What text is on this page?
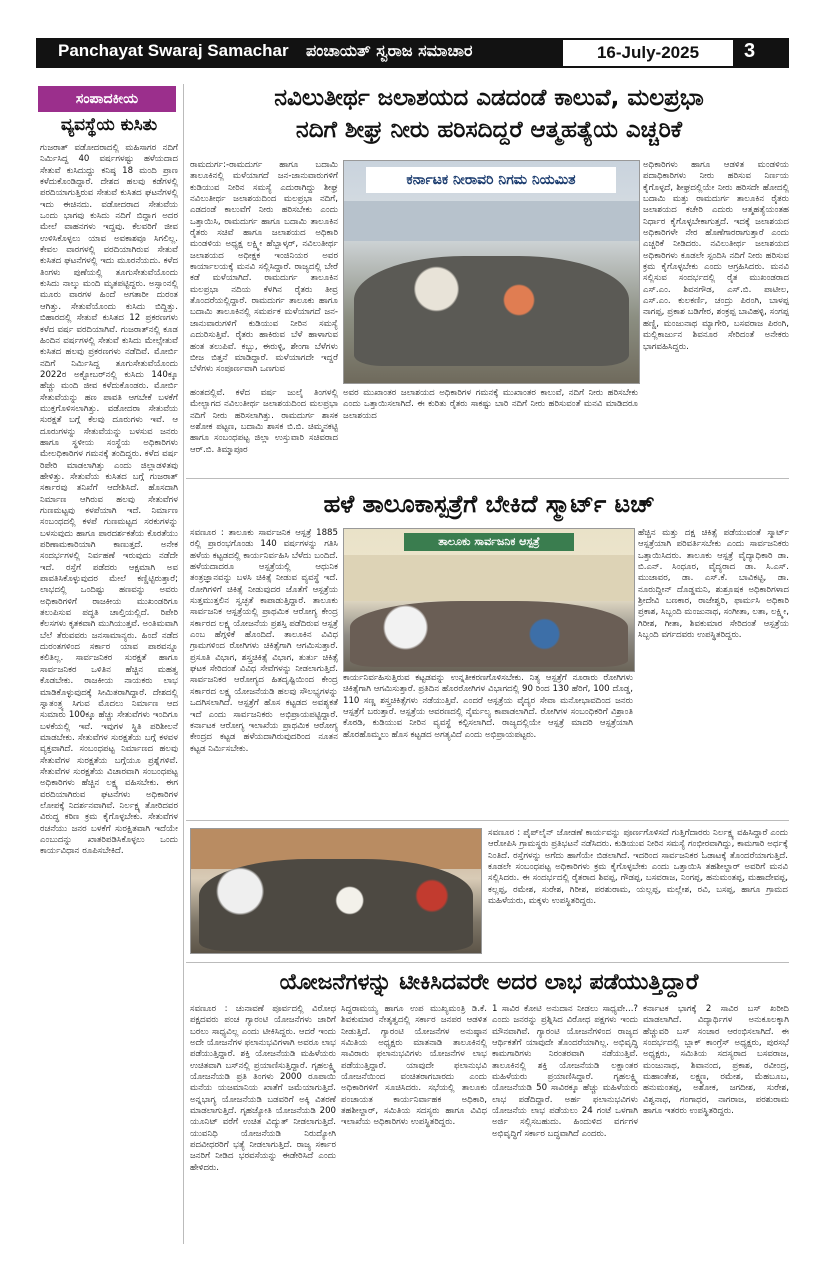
Panchayat Swaraj Samachar ಪಂಚಾಯತ್ ಸ್ವರಾಜ ಸಮಾಚಾರ	16-July-2025	3
ಸಂಪಾದಕೀಯ
ವ್ಯವಸ್ಥೆಯ ಕುಸಿತು
ಗುಜರಾತ್ ವಡೋದರಾದಲ್ಲಿ ಮಹಿಸಾಗರ ನದಿಗೆ ನಿರ್ಮಿಸಿದ್ದ 40 ವರ್ಷಗಳಷ್ಟು ಹಳೆಯದಾದ ಸೇತುವೆ ಕುಸಿದುದ್ದು ಕನಿಷ್ಠ 18 ಮಂದಿ ಪ್ರಾಣ ಕಳೆದುಕೊಂಡಿದ್ದಾರೆ. ದೇಶದ ಹಲವು ಕಡೆಗಳಲ್ಲಿ ಪರದಿಯಾಗುತ್ತಿರುವ ಸೇತುವೆ ಕುಸಿತದ ಘಟನೆಗಳಲ್ಲಿ ಇದು ಈಚಿನದು. ವಡೋದರಾದ ಸೇತುವೆಯ ಒಂದು ಭಾಗವು ಕುಸಿದು ನದಿಗೆ ಬಿದ್ದಾಗ ಅದರ ಮೇಲೆ ವಾಹನಗಳು ಇದ್ದವು. ಕೆಲವರಿಗೆ ಜೀವ ಉಳಿಸಿಕೊಳ್ಳಲು ಯಾವ ಅವಕಾಶವೂ ಸಿಗಲಿಲ್ಲ. ಕೇವಲ ವಾರಗಳಲ್ಲಿ ವರದಿಯಾಗಿರುವ ಸೇತುವೆ ಕುಸಿತದ ಘಟನೆಗಳಲ್ಲಿ ಇದು ಮೂರನೆಯದು. ಕಳೆದ ತಿಂಗಳು ಪುಣೆಯಲ್ಲಿ ತೂಗುಸೇತುವೆಯೊಂದು ಕುಸಿದು ನಾಲ್ಕು ಮಂದಿ ಮೃತಪಟ್ಟಿದ್ದರು. ಅಸ್ಸಾಂನಲ್ಲಿ ಮೂರು ವಾರಗಳ ಹಿಂದೆ ಅಗತಾರೀ ದುರಂತ ಆಗಿತ್ತು. ಸೇತುವೆಯೊಂದು ಕುಸಿದು ಬಿದ್ದಿತ್ತು. ಬಿಹಾರದಲ್ಲಿ ಸೇತುವೆ ಕುಸಿತದ 12 ಪ್ರಕರಣಗಳು ಕಳೆದ ವರ್ಷ ವರದಿಯಾಗಿವೆ. ಗುಜರಾತ್‌ನಲ್ಲಿ ಕೂಡ ಹಿಂದಿನ ವರ್ಷಗಳಲ್ಲಿ ಸೇತುವೆ ಕುಸಿದು ಮೇಲ್ಸೇತುವೆ ಕುಸಿತದ ಹಲವು ಪ್ರಕರಣಗಳು ನಡೆದಿವೆ. ಮೋರ್ಬಿ ನದಿಗೆ ನಿರ್ಮಿಸಿದ್ದ ತೂಗುಸೇತುವೆಯೊಂದು 2022ರ ಅಕ್ಟೋಬರ್‌ನಲ್ಲಿ ಕುಸಿದು 140ಕ್ಕೂ ಹೆಚ್ಚು ಮಂದಿ ಜೀವ ಕಳೆದುಕೊಂಡರು. ಮೋರ್ಬಿ ಸೇತುವೆಯನ್ನು ಹಣ ಪಾವತಿ ಆಗಬೇಕೆ ಬಳಕೆಗೆ ಮುಕ್ತಗೊಳಿಸಲಾಗಿತ್ತು. ವಡೋದರಾ ಸೇತುವೆಯ ಸುರಕ್ಷತೆ ಬಗ್ಗೆ ಕೆಲವು ದೂರುಗಳು ಇವೆ. ಆ ದೂರುಗಳನ್ನು ಸೇತುವೆಯನ್ನು ಬಳಸುವ ಜನರು ಹಾಗೂ ಸ್ಥಳೀಯ ಸಂಸ್ಥೆಯ ಅಧಿಕಾರಿಗಳು ಮೇಲಧಿಕಾರಿಗಳ ಗಮನಕ್ಕೆ ತಂದಿದ್ದರು. ಕಳೆದ ವರ್ಷ ರಿಪೇರಿ ಮಾಡಲಾಗಿತ್ತು ಎಂದು ಜಿಲ್ಲಾಡಳಿತವು ಹೇಳಿತ್ತು. ಸೇತುವೆಯ ಕುಸಿತದ ಬಗ್ಗೆ ಗುಜರಾತ್ ಸರ್ಕಾರವು ತನಿಖೆಗೆ ಆದೇಶಿಸಿದೆ. ಹೊಸದಾಗಿ ನಿರ್ಮಾಣ ಆಗಿರುವ ಹಲವು ಸೇತುವೆಗಳ ಗುಣಮಟ್ಟವು ಕಳಪೆಯಾಗಿ ಇದೆ. ನಿರ್ಮಾಣ ಸಂಬಂಧದಲ್ಲಿ ಕಳಪೆ ಗುಣಮಟ್ಟದ ಸರಕುಗಳನ್ನು ಬಳಸುವುದು ಹಾಗೂ ಪಾರದರ್ಶಕತೆಯ ಕೊರತೆಯು ಪರಿಣಾಮಕಾರಿಯಾಗಿ ಕಾಣುತ್ತದೆ. ಅನೇಕ ಸಂದರ್ಭಗಳಲ್ಲಿ ನಿರ್ವಹಣೆ ಇರುವುದು ನಡೆದೇ ಇದೆ. ರಸ್ತೆಗೆ ಪಡೆದರು ಆಕ್ಷಮಾಗಿ ಅವ ಪಾವತಿಸಿಕೊಳ್ಳುವುದರ ಮೇಲೆ ಕಣ್ಣಿಟ್ಟಿರುತ್ತಾರೆ; ಲಾಭದಲ್ಲಿ ಒಂದಿಷ್ಟು ಹಣವನ್ನು ಅವರು ಅಧಿಕಾರಿಗಳಿಗೆ ರಾಜಕೀಯ ಮುಖಂಡರಿಗೂ ತಲುಪಿಸುವ ಪದ್ಧತಿ ಚಾಲ್ತಿಯಲ್ಲಿದೆ. ರಿಪೇರಿ ಕೆಲಸಗಳು ಕೃತಕವಾಗಿ ಮುಗಿಯುತ್ತವೆ. ಅಂತಿಮವಾಗಿ ಬೆಲೆ ತೆರುವವರು ಜನಸಾಮಾನ್ಯರು. ಹಿಂದೆ ನಡೆದ ದುರಂತಗಳಿಂದ ಸರ್ಕಾರ ಯಾವ ಪಾಠವನ್ನೂ ಕಲಿತಿಲ್ಲ. ಸಾರ್ವಜನಿಕರ ಸುರಕ್ಷತೆ ಹಾಗೂ ಸಾರ್ವಜನಿಕರ ಒಳಿತಿನ ಹೆಚ್ಚಿನ ಮಹತ್ವ ಕೊಡಬೇಕು. ರಾಜಕೀಯ ನಾಯಕರು ಲಾಭ ಮಾಡಿಕೊಳ್ಳುವುದಕ್ಕೆ ಸೀಮಿತರಾಗಿದ್ದಾರೆ. ದೇಶದಲ್ಲಿ ಸ್ವಾತಂತ್ರ್ಯ ಸಿಗುವ ಮೊದಲು ನಿರ್ಮಾಣ ಆದ ಸುಮಾರು 100ಕ್ಕೂ ಹೆಚ್ಚು ಸೇತುವೆಗಳು ಇಂದಿಗೂ ಬಳಕೆಯಲ್ಲಿ ಇವೆ. ಇವುಗಳ ಸ್ಥಿತಿ ಪರಿಶೀಲನೆ ಮಾಡಬೇಕು. ಸೇತುವೆಗಳ ಸುರಕ್ಷತೆಯ ಬಗ್ಗೆ ಕಳವಳ ವ್ಯಕ್ತವಾಗಿದೆ. ಸಂಬಂಧಪಟ್ಟ ನಿರ್ಮಾಣದ ಹಲವು ಸೇತುವೆಗಳ ಸುರಕ್ಷತೆಯ ಬಗ್ಗೆಯೂ ಪ್ರಶ್ನೆಗಳಿವೆ. ಸೇತುವೆಗಳ ಸುರಕ್ಷತೆಯ ವಿಚಾರವಾಗಿ ಸಂಬಂಧಪಟ್ಟ ಅಧಿಕಾರಿಗಳು ಹೆಚ್ಚಿನ ಲಕ್ಷ್ಯ ವಹಿಸಬೇಕು. ಈಗ ವರದಿಯಾಗಿರುವ ಘಟನೆಗಳು ಅಧಿಕಾರಿಗಳ ಲೋಪಕ್ಕೆ ನಿದರ್ಶನವಾಗಿವೆ. ನಿರ್ಲಕ್ಷ್ಯ ತೋರಿದವರ ವಿರುದ್ಧ ಕಠಿಣ ಕ್ರಮ ಕೈಗೊಳ್ಳಬೇಕು. ಸೇತುವೆಗಳ ರಚನೆಯು ಜನರ ಬಳಕೆಗೆ ಸುರಕ್ಷಿತವಾಗಿ ಇದೆಯೇ ಎಂಬುದನ್ನು ಖಾತರಿಪಡಿಸಿಕೊಳ್ಳಲು ಒಂದು ಕಾರ್ಯವಿಧಾನ ರೂಪಿಸಬೇಕಿದೆ.
ನವಿಲುತೀರ್ಥ ಜಲಾಶಯದ ಎಡದಂಡೆ ಕಾಲುವೆ, ಮಲಪ್ರಭಾ
ನದಿಗೆ ಶೀಘ್ರ ನೀರು ಹರಿಸದಿದ್ದರೆ ಆತ್ಮಹತ್ಯೆಯ ಎಚ್ಚರಿಕೆ
ರಾಮದುರ್ಗ:-ರಾಮದುರ್ಗ ಹಾಗೂ ಬದಾಮಿ ತಾಲೂಕಿನಲ್ಲಿ ಮಳೆಯಾಗದೆ ಜನ-ಜಾನುವಾರುಗಳಿಗೆ ಕುಡಿಯುವ ನೀರಿನ ಸಮಸ್ಯೆ ಎದುರಾಗಿದ್ದು ಶೀಘ್ರ ನವಿಲುತೀರ್ಥ ಜಲಾಶಯದಿಂದ ಮಲಪ್ರಭಾ ನದಿಗೆ, ಎಡದಂಡೆ ಕಾಲುವೆಗೆ ನೀರು ಹರಿಸಬೇಕು ಎಂದು ಒತ್ತಾಯಿಸಿ, ರಾಮದುರ್ಗ ಹಾಗೂ ಬದಾಮಿ ತಾಲೂಕಿನ ರೈತರು ಸಚಿವೆ ಹಾಗೂ ಜಲಾಶಯದ ಅಧಿಕಾರಿ ಮಂಡಳಿಯ ಅಧ್ಯಕ್ಷ ಲಕ್ಷ್ಮೀ ಹೆಬ್ಬಾಳ್ಕರ್, ನವಿಲುತೀರ್ಥ ಜಲಾಶಯದ ಅಧೀಕ್ಷಕ ಇಂಜಿನಿಯರ ಅವರ ಕಾರ್ಯಾಲಯಕ್ಕೆ ಮನವಿ ಸಲ್ಲಿಸಿದ್ದಾರೆ. ರಾಜ್ಯದಲ್ಲಿ ಬೇರೆ ಕಡೆ ಮಳೆಯಾಗಿದೆ. ರಾಮದುರ್ಗ ತಾಲೂಕಿನ ಮಲಪ್ರಭಾ ನದಿಯ ಕೆಳಗಿನ ರೈತರು ತೀವ್ರ ತೊಂದರೆಯಲ್ಲಿದ್ದಾರೆ. ರಾಮದುರ್ಗ ತಾಲೂಕು ಹಾಗೂ ಬದಾಮಿ ತಾಲೂಕಿನಲ್ಲಿ ಸಮರ್ಪಕ ಮಳೆಯಾಗದೆ ಜನ-ಜಾನುವಾರುಗಳಿಗೆ ಕುಡಿಯುವ ನೀರಿನ ಸಮಸ್ಯೆ ಎದುರಿಸುತ್ತಿವೆ. ರೈತರು ಹಾಕಿರುವ ಬೆಳೆ ಹಾಳಾಗುವ ಹಂತ ತಲುಪಿವೆ. ಕಬ್ಬು, ಈರುಳ್ಳಿ, ಶೇಂಗಾ ಬೆಳೆಗಳು ಬೀಜ ಬಿತ್ತನೆ ಮಾಡಿದ್ದಾರೆ. ಮಳೆಯಾಗದೇ ಇದ್ದರೆ ಬೆಳೆಗಳು ಸಂಪೂರ್ಣವಾಗಿ ಒಣಗುವ
ಕರ್ನಾಟಕ ನೀರಾವರಿ ನಿಗಮ ನಿಯಮಿತ
ಹಂತದಲ್ಲಿವೆ. ಕಳೆದ ವರ್ಷ ಜುಲೈ ತಿಂಗಳಲ್ಲಿ ಮೇಲ್ಭಾಗದ ನವಿಲುತೀರ್ಥ ಜಲಾಶಯದಿಂದ ಮಲಪ್ರಭಾ ನದಿಗೆ ನೀರು ಹರಿಸಲಾಗಿತ್ತು. ರಾಮದುರ್ಗ ಶಾಸಕ ಅಶೋಕ ಪಟ್ಟಣ, ಬದಾಮಿ ಶಾಸಕ ಬಿ.ಬಿ. ಚಿಮ್ಮನಕಟ್ಟಿ ಹಾಗೂ ಸಂಬಂಧಪಟ್ಟ ಜಿಲ್ಲಾ ಉಸ್ತುವಾರಿ ಸಚಿವರಾದ ಆರ್.ಬಿ. ತಿಮ್ಮಾಪೂರ
ಅವರ ಮುಖಾಂತರ ಜಲಾಶಯದ ಅಧಿಕಾರಿಗಳ ಗಮನಕ್ಕೆ ಮುಖಾಂತರ ಕಾಲುವೆ, ನದಿಗೆ ನೀರು ಹರಿಸಬೇಕು ಎಂದು ಒತ್ತಾಯಿಸಲಾಗಿದೆ. ಈ ಕುರಿತು ರೈತರು ಸಾಕಷ್ಟು ಬಾರಿ ನದಿಗೆ ನೀರು ಹರಿಸುವಂತೆ ಮನವಿ ಮಾಡಿದರೂ ಜಲಾಶಯದ
ಅಧಿಕಾರಿಗಳು ಹಾಗೂ ಆಡಳಿತ ಮಂಡಳಿಯ ಪದಾಧಿಕಾರಿಗಳು ನೀರು ಹರಿಸುವ ನಿರ್ಣಯ ಕೈಗೊಳ್ಳದೆ, ಶೀಘ್ರದಲ್ಲಿಯೇ ನೀರು ಹರಿಸದೇ ಹೋದಲ್ಲಿ ಬದಾಮಿ ಮತ್ತು ರಾಮದುರ್ಗ ತಾಲೂಕಿನ ರೈತರು ಜಲಾಶಯದ ಕಚೇರಿ ಎದುರು ಆತ್ಮಹತ್ಯೆಯಂತಹ ನಿರ್ಧಾರ ಕೈಗೊಳ್ಳಬೇಕಾಗುತ್ತದೆ. ಇದಕ್ಕೆ ಜಲಾಶಯದ ಅಧಿಕಾರಿಗಳೇ ನೇರ ಹೊಣೆಗಾರರಾಗುತ್ತಾರೆ ಎಂದು ಎಚ್ಚರಿಕೆ ನೀಡಿದರು. ನವಿಲುತೀರ್ಥ ಜಲಾಶಯದ ಅಧಿಕಾರಿಗಳು ಕೂಡಲೇ ಸ್ಪಂದಿಸಿ ನದಿಗೆ ನೀರು ಹರಿಸುವ ಕ್ರಮ ಕೈಗೊಳ್ಳಬೇಕು ಎಂದು ಆಗ್ರಹಿಸಿದರು. ಮನವಿ ಸಲ್ಲಿಸುವ ಸಂದರ್ಭದಲ್ಲಿ ರೈತ ಮುಖಂಡರಾದ ಎಸ್.ಎಂ. ಶಿವನಗೌಡ, ಎಸ್.ಬಿ. ಪಾಟೀಲ, ಎಸ್.ಎಂ. ಕುಲಕರ್ಣಿ, ಚಂದ್ರು ಪಿರಂಗಿ, ಬಾಳಪ್ಪ ನಾಗಪ್ಪ, ಪ್ರಕಾಶ ಬಡಿಗೇರ, ಶಂಕ್ರಪ್ಪ ಬಾವಿಹಳ್ಳಿ, ಸಂಗಪ್ಪ ಹಣ್ಣಿ, ಮಂಜುನಾಥ ಮ್ಯಾಗೇರಿ, ಬಸವರಾಜ ಪಿರಂಗಿ, ಮಲ್ಲಿಕಾರ್ಜುನ ಶಿವನೂರ ಸೇರಿದಂತೆ ಅನೇಕರು ಭಾಗವಹಿಸಿದ್ದರು.
ಹಳೆ ತಾಲೂಕಾಸ್ಪತ್ರೆಗೆ ಬೇಕಿದೆ ಸ್ಮಾರ್ಟ್ ಟಚ್
ಸವಣೂರ : ತಾಲೂಕು ಸಾರ್ವಜನಿಕ ಆಸ್ಪತ್ರೆ 1885 ರಲ್ಲಿ ಪ್ರಾರಂಭಗೊಂಡು 140 ವರ್ಷಗಳನ್ನು ಗತಿಸಿ ಹಳೆಯ ಕಟ್ಟಡದಲ್ಲಿ ಕಾರ್ಯನಿರ್ವಹಿಸಿ ಬೆಳೆದು ಬಂದಿದೆ. ಹಳೆಯದಾದರೂ ಆಸ್ಪತ್ರೆಯಲ್ಲಿ ಆಧುನಿಕ ತಂತ್ರಜ್ಞಾನವನ್ನು ಬಳಸಿ ಚಿಕಿತ್ಸೆ ನೀಡುವ ವ್ಯವಸ್ಥೆ ಇದೆ. ರೋಗಿಗಳಿಗೆ ಚಿಕಿತ್ಸೆ ನೀಡುವುದರ ಜೊತೆಗೆ ಆಸ್ಪತ್ರೆಯ ಸುತ್ತಮುತ್ತಲಿನ ಸ್ವಚ್ಛತೆ ಕಾಪಾಡುತ್ತಿದ್ದಾರೆ. ತಾಲೂಕು ಸಾರ್ವಜನಿಕ ಆಸ್ಪತ್ರೆಯಲ್ಲಿ ಪ್ರಾಥಮಿಕ ಆರೋಗ್ಯ ಕೇಂದ್ರ ಸರ್ಕಾರದ ಲಕ್ಷ್ಯ ಯೋಜನೆಯ ಪ್ರಶಸ್ತಿ ಪಡೆದಿರುವ ಆಸ್ಪತ್ರೆ ಎಂಬ ಹೆಗ್ಗಳಿಕೆ ಹೊಂದಿದೆ. ತಾಲೂಕಿನ ವಿವಿಧ ಗ್ರಾಮಗಳಿಂದ ರೋಗಿಗಳು ಚಿಕಿತ್ಸೆಗಾಗಿ ಆಗಮಿಸುತ್ತಾರೆ. ಪ್ರಸೂತಿ ವಿಭಾಗ, ಶಸ್ತ್ರಚಿಕಿತ್ಸೆ ವಿಭಾಗ, ತುರ್ತು ಚಿಕಿತ್ಸೆ ಘಟಕ ಸೇರಿದಂತೆ ವಿವಿಧ ಸೇವೆಗಳನ್ನು ನೀಡಲಾಗುತ್ತಿದೆ. ಸಾರ್ವಜನಿಕರ ಆರೋಗ್ಯದ ಹಿತದೃಷ್ಟಿಯಿಂದ ಕೇಂದ್ರ ಸರ್ಕಾರದ ಲಕ್ಷ್ಯ ಯೋಜನೆಯಡಿ ಹಲವು ಸೌಲಭ್ಯಗಳನ್ನು ಒದಗಿಸಲಾಗಿದೆ. ಆಸ್ಪತ್ರೆಗೆ ಹೊಸ ಕಟ್ಟಡದ ಅವಶ್ಯಕತೆ ಇದೆ ಎಂದು ಸಾರ್ವಜನಿಕರು ಅಭಿಪ್ರಾಯಪಟ್ಟಿದ್ದಾರೆ. ಕರ್ನಾಟಕ ಆರೋಗ್ಯ ಇಲಾಖೆಯ ಪ್ರಾಥಮಿಕ ಆರೋಗ್ಯ ಕೇಂದ್ರದ ಕಟ್ಟಡ ಹಳೆಯದಾಗಿರುವುದರಿಂದ ನೂತನ ಕಟ್ಟಡ ನಿರ್ಮಿಸಬೇಕು.
ತಾಲೂಕು ಸಾರ್ವಜನಿಕ ಆಸ್ಪತ್ರೆ
ಕಾರ್ಯನಿರ್ವಹಿಸುತ್ತಿರುವ ಕಟ್ಟಡವನ್ನು ಉನ್ನತೀಕರಣಗೊಳಿಸಬೇಕು. ನಿತ್ಯ ಆಸ್ಪತ್ರೆಗೆ ನೂರಾರು ರೋಗಿಗಳು ಚಿಕಿತ್ಸೆಗಾಗಿ ಆಗಮಿಸುತ್ತಾರೆ. ಪ್ರತಿದಿನ ಹೊರರೋಗಿಗಳ ವಿಭಾಗದಲ್ಲಿ 90 ರಿಂದ 130 ಹೆರಿಗೆ, 100 ದೊಡ್ಡ, 110 ಸಣ್ಣ ಶಸ್ತ್ರಚಿಕಿತ್ಸೆಗಳು ನಡೆಯುತ್ತಿವೆ. ಎಂದರೆ ಆಸ್ಪತ್ರೆಯ ವೈದ್ಯರ ಸೇವಾ ಮನೋಭಾವದಿಂದ ಜನರು ಆಸ್ಪತ್ರೆಗೆ ಬರುತ್ತಾರೆ. ಆಸ್ಪತ್ರೆಯ ಆವರಣದಲ್ಲಿ ನೈರ್ಮಲ್ಯ ಕಾಪಾಡಲಾಗಿದೆ. ರೋಗಿಗಳ ಸಂಬಂಧಿಕರಿಗೆ ವಿಶ್ರಾಂತಿ ಕೊಠಡಿ, ಕುಡಿಯುವ ನೀರಿನ ವ್ಯವಸ್ಥೆ ಕಲ್ಪಿಸಲಾಗಿದೆ. ರಾಜ್ಯದಲ್ಲಿಯೇ ಆಸ್ಪತ್ರೆ ಮಾದರಿ ಆಸ್ಪತ್ರೆಯಾಗಿ ಹೊರಹೊಮ್ಮಲು ಹೊಸ ಕಟ್ಟಡದ ಅಗತ್ಯವಿದೆ ಎಂದು ಅಭಿಪ್ರಾಯಪಟ್ಟರು.
ಹೆಚ್ಚಿನ ಮತ್ತು ದಕ್ಷ ಚಿಕಿತ್ಸೆ ಪಡೆಯುವಂತೆ ಸ್ಮಾರ್ಟ್ ಆಸ್ಪತ್ರೆಯಾಗಿ ಪರಿವರ್ತಿಸಬೇಕು ಎಂದು ಸಾರ್ವಜನಿಕರು ಒತ್ತಾಯಿಸಿದರು. ತಾಲೂಕು ಆಸ್ಪತ್ರೆ ವೈದ್ಯಾಧಿಕಾರಿ ಡಾ. ಬಿ.ಎನ್. ಸಿಂಧೂರ, ವೈದ್ಯರಾದ ಡಾ. ಸಿ.ಎಸ್. ಮುಜಾವರ, ಡಾ. ಎಸ್.ಕೆ. ಬಾವಿಕಟ್ಟಿ, ಡಾ. ನೂರುದ್ದೀನ್ ದೊಡ್ಡಮನಿ, ಶುಶ್ರೂಷಕ ಅಧಿಕಾರಿಗಳಾದ ಶ್ರೀದೇವಿ ಬಣಕಾರ, ರಾಜೇಶ್ವರಿ, ಫಾರ್ಮಸಿ ಅಧಿಕಾರಿ ಪ್ರಕಾಶ, ಸಿಬ್ಬಂದಿ ಮಂಜುನಾಥ, ಸಂಗೀತಾ, ಲತಾ, ಲಕ್ಷ್ಮೀ, ಗಿರೀಶ, ಗೀತಾ, ಶಿವಕುಮಾರ ಸೇರಿದಂತೆ ಆಸ್ಪತ್ರೆಯ ಸಿಬ್ಬಂದಿ ವರ್ಗದವರು ಉಪಸ್ಥಿತರಿದ್ದರು.
ಸವಣೂರ : ಪೈಪ್‌ಲೈನ್ ಜೋಡಣೆ ಕಾರ್ಯವನ್ನು ಪೂರ್ಣಗೊಳಿಸದೆ ಗುತ್ತಿಗೆದಾರರು ನಿರ್ಲಕ್ಷ್ಯ ವಹಿಸಿದ್ದಾರೆ ಎಂದು ಆರೋಪಿಸಿ ಗ್ರಾಮಸ್ಥರು ಪ್ರತಿಭಟನೆ ನಡೆಸಿದರು. ಕುಡಿಯುವ ನೀರಿನ ಸಮಸ್ಯೆ ಗಂಭೀರವಾಗಿದ್ದು, ಕಾಮಗಾರಿ ಅರ್ಧಕ್ಕೆ ನಿಂತಿದೆ. ರಸ್ತೆಗಳನ್ನು ಅಗೆದು ಹಾಗೆಯೇ ಬಿಡಲಾಗಿದೆ. ಇದರಿಂದ ಸಾರ್ವಜನಿಕರ ಓಡಾಟಕ್ಕೆ ತೊಂದರೆಯಾಗುತ್ತಿದೆ. ಕೂಡಲೇ ಸಂಬಂಧಪಟ್ಟ ಅಧಿಕಾರಿಗಳು ಕ್ರಮ ಕೈಗೊಳ್ಳಬೇಕು ಎಂದು ಒತ್ತಾಯಿಸಿ ತಹಶೀಲ್ದಾರ್ ಅವರಿಗೆ ಮನವಿ ಸಲ್ಲಿಸಿದರು. ಈ ಸಂದರ್ಭದಲ್ಲಿ ರೈತರಾದ ಶಿವಪ್ಪ, ಗೌಡಪ್ಪ, ಬಸವರಾಜ, ನಿಂಗಪ್ಪ, ಹನುಮಂತಪ್ಪ, ಮಹಾದೇವಪ್ಪ, ಕಲ್ಲಪ್ಪ, ರಮೇಶ, ಸುರೇಶ, ಗಿರೀಶ, ಪರಶುರಾಮ, ಯಲ್ಲಪ್ಪ, ಮಲ್ಲೇಶ, ರವಿ, ಬಸಪ್ಪ, ಹಾಗೂ ಗ್ರಾಮದ ಮಹಿಳೆಯರು, ಮಕ್ಕಳು ಉಪಸ್ಥಿತರಿದ್ದರು.
ಯೋಜನೆಗಳನ್ನು ಟೀಕಿಸಿದವರೇ ಅದರ ಲಾಭ ಪಡೆಯುತ್ತಿದ್ದಾರೆ
ಸವಣೂರ : ಚುನಾವಣೆ ಪೂರ್ವದಲ್ಲಿ ವಿರೋಧ ಪಕ್ಷದವರು ಪಂಚ ಗ್ಯಾರಂಟಿ ಯೋಜನೆಗಳು ಜಾರಿಗೆ ಬರಲು ಸಾಧ್ಯವಿಲ್ಲ ಎಂದು ಟೀಕಿಸಿದ್ದರು. ಆದರೆ ಇಂದು ಅದೇ ಯೋಜನೆಗಳ ಫಲಾನುಭವಿಗಳಾಗಿ ಅವರೂ ಲಾಭ ಪಡೆಯುತ್ತಿದ್ದಾರೆ. ಶಕ್ತಿ ಯೋಜನೆಯಡಿ ಮಹಿಳೆಯರು ಉಚಿತವಾಗಿ ಬಸ್‌ನಲ್ಲಿ ಪ್ರಯಾಣಿಸುತ್ತಿದ್ದಾರೆ. ಗೃಹಲಕ್ಷ್ಮಿ ಯೋಜನೆಯಡಿ ಪ್ರತಿ ತಿಂಗಳು 2000 ರೂಪಾಯಿ ಮನೆಯ ಯಜಮಾನಿಯ ಖಾತೆಗೆ ಜಮೆಯಾಗುತ್ತಿದೆ. ಅನ್ನಭಾಗ್ಯ ಯೋಜನೆಯಡಿ ಬಡವರಿಗೆ ಅಕ್ಕಿ ವಿತರಣೆ ಮಾಡಲಾಗುತ್ತಿದೆ. ಗೃಹಜ್ಯೋತಿ ಯೋಜನೆಯಡಿ 200 ಯೂನಿಟ್ ವರೆಗೆ ಉಚಿತ ವಿದ್ಯುತ್ ನೀಡಲಾಗುತ್ತಿದೆ. ಯುವನಿಧಿ ಯೋಜನೆಯಡಿ ನಿರುದ್ಯೋಗಿ ಪದವೀಧರರಿಗೆ ಭತ್ಯೆ ನೀಡಲಾಗುತ್ತಿದೆ. ರಾಜ್ಯ ಸರ್ಕಾರ ಜನರಿಗೆ ನೀಡಿದ ಭರವಸೆಯನ್ನು ಈಡೇರಿಸಿದೆ ಎಂದು ಹೇಳಿದರು.
ಸಿದ್ದರಾಮಯ್ಯ ಹಾಗೂ ಉಪ ಮುಖ್ಯಮಂತ್ರಿ ಡಿ.ಕೆ. ಶಿವಕುಮಾರ ನೇತೃತ್ವದಲ್ಲಿ ಸರ್ಕಾರ ಜನಪರ ಆಡಳಿತ ನೀಡುತ್ತಿದೆ. ಗ್ಯಾರಂಟಿ ಯೋಜನೆಗಳ ಅನುಷ್ಠಾನ ಸಮಿತಿಯ ಅಧ್ಯಕ್ಷರು ಮಾತನಾಡಿ ತಾಲೂಕಿನಲ್ಲಿ ಸಾವಿರಾರು ಫಲಾನುಭವಿಗಳು ಯೋಜನೆಗಳ ಲಾಭ ಪಡೆಯುತ್ತಿದ್ದಾರೆ. ಯಾವುದೇ ಫಲಾನುಭವಿ ಯೋಜನೆಯಿಂದ ವಂಚಿತರಾಗಬಾರದು ಎಂದು ಅಧಿಕಾರಿಗಳಿಗೆ ಸೂಚಿಸಿದರು. ಸಭೆಯಲ್ಲಿ ತಾಲೂಕು ಪಂಚಾಯತ ಕಾರ್ಯನಿರ್ವಾಹಕ ಅಧಿಕಾರಿ, ತಹಶೀಲ್ದಾರ್, ಸಮಿತಿಯ ಸದಸ್ಯರು ಹಾಗೂ ವಿವಿಧ ಇಲಾಖೆಯ ಅಧಿಕಾರಿಗಳು ಉಪಸ್ಥಿತರಿದ್ದರು.
1 ಸಾವಿರ ಕೋಟಿ ಅನುದಾನ ನೀಡಲು ಸಾಧ್ಯವೇ...? ಎಂದು ಜನರನ್ನು ಪ್ರಶ್ನಿಸಿದ ವಿರೋಧ ಪಕ್ಷಗಳು ಇಂದು ಮೌನವಾಗಿವೆ. ಗ್ಯಾರಂಟಿ ಯೋಜನೆಗಳಿಂದ ರಾಜ್ಯದ ಆರ್ಥಿಕತೆಗೆ ಯಾವುದೇ ತೊಂದರೆಯಾಗಿಲ್ಲ. ಅಭಿವೃದ್ಧಿ ಕಾಮಗಾರಿಗಳು ನಿರಂತರವಾಗಿ ನಡೆಯುತ್ತಿವೆ. ತಾಲೂಕಿನಲ್ಲಿ ಶಕ್ತಿ ಯೋಜನೆಯಡಿ ಲಕ್ಷಾಂತರ ಮಹಿಳೆಯರು ಪ್ರಯಾಣಿಸಿದ್ದಾರೆ. ಗೃಹಲಕ್ಷ್ಮಿ ಯೋಜನೆಯಡಿ 50 ಸಾವಿರಕ್ಕೂ ಹೆಚ್ಚು ಮಹಿಳೆಯರು ಲಾಭ ಪಡೆದಿದ್ದಾರೆ. ಅರ್ಹ ಫಲಾನುಭವಿಗಳು ಯೋಜನೆಯ ಲಾಭ ಪಡೆಯಲು 24 ಗಂಟೆ ಒಳಗಾಗಿ ಅರ್ಜಿ ಸಲ್ಲಿಸಬಹುದು. ಹಿಂದುಳಿದ ವರ್ಗಗಳ ಅಭಿವೃದ್ಧಿಗೆ ಸರ್ಕಾರ ಬದ್ಧವಾಗಿದೆ ಎಂದರು.
ಕರ್ನಾಟಕ ಭಾಗಕ್ಕೆ 2 ಸಾವಿರ ಬಸ್ ಖರೀದಿ ಮಾಡಲಾಗಿದೆ. ವಿದ್ಯಾರ್ಥಿಗಳ ಅನುಕೂಲಕ್ಕಾಗಿ ಹೆಚ್ಚುವರಿ ಬಸ್ ಸಂಚಾರ ಆರಂಭಿಸಲಾಗಿದೆ. ಈ ಸಂದರ್ಭದಲ್ಲಿ ಬ್ಲಾಕ್ ಕಾಂಗ್ರೆಸ್ ಅಧ್ಯಕ್ಷರು, ಪುರಸಭೆ ಅಧ್ಯಕ್ಷರು, ಸಮಿತಿಯ ಸದಸ್ಯರಾದ ಬಸವರಾಜ, ಮಂಜುನಾಥ, ಶಿವಾನಂದ, ಪ್ರಕಾಶ, ರವೀಂದ್ರ, ಮಹಾಂತೇಶ, ಲಕ್ಷ್ಮಣ, ರಮೇಶ, ಮೆಹಬೂಬ, ಹನುಮಂತಪ್ಪ, ಅಶೋಕ, ಜಗದೀಶ, ಸುರೇಶ, ವಿಶ್ವನಾಥ, ಗಂಗಾಧರ, ನಾಗರಾಜ, ಪರಶುರಾಮ ಹಾಗೂ ಇತರರು ಉಪಸ್ಥಿತರಿದ್ದರು.
